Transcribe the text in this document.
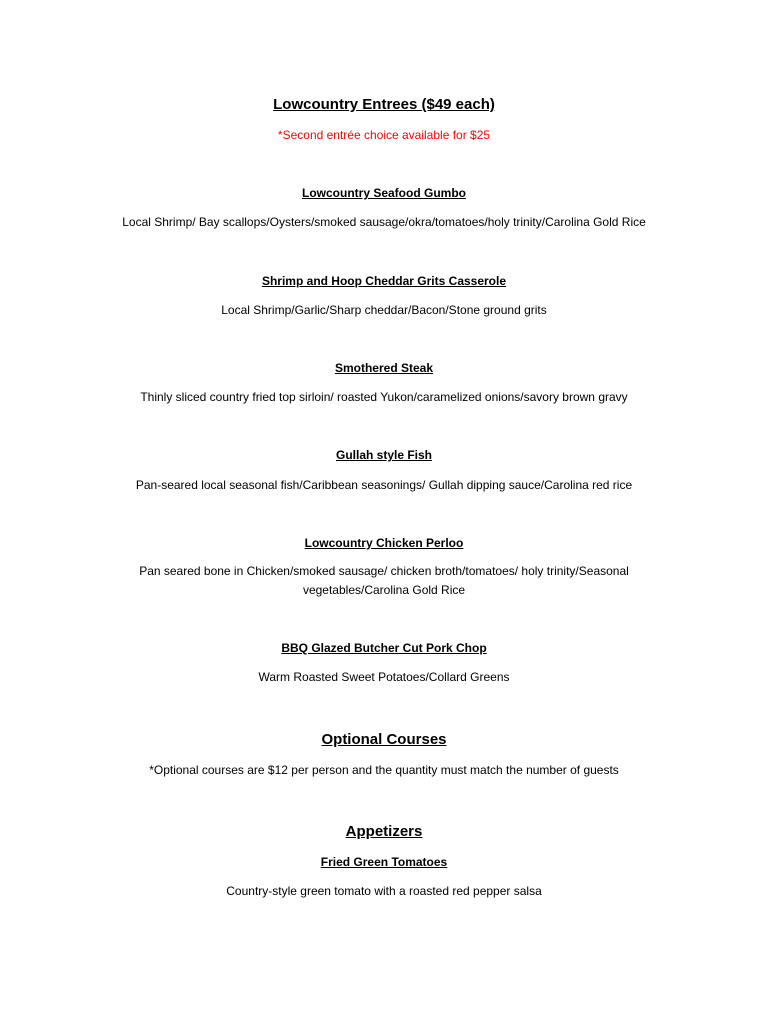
Lowcountry Entrees ($49 each)
*Second entrée choice available for $25
Lowcountry Seafood Gumbo
Local Shrimp/ Bay scallops/Oysters/smoked sausage/okra/tomatoes/holy trinity/Carolina Gold Rice
Shrimp and Hoop Cheddar Grits Casserole
Local Shrimp/Garlic/Sharp cheddar/Bacon/Stone ground grits
Smothered Steak
Thinly sliced country fried top sirloin/ roasted Yukon/caramelized onions/savory brown gravy
Gullah style Fish
Pan-seared local seasonal fish/Caribbean seasonings/ Gullah dipping sauce/Carolina red rice
Lowcountry Chicken Perloo
Pan seared bone in Chicken/smoked sausage/ chicken broth/tomatoes/ holy trinity/Seasonal vegetables/Carolina Gold Rice
BBQ Glazed Butcher Cut Pork Chop
Warm Roasted Sweet Potatoes/Collard Greens
Optional Courses
*Optional courses are $12 per person and the quantity must match the number of guests
Appetizers
Fried Green Tomatoes
Country-style green tomato with a roasted red pepper salsa
